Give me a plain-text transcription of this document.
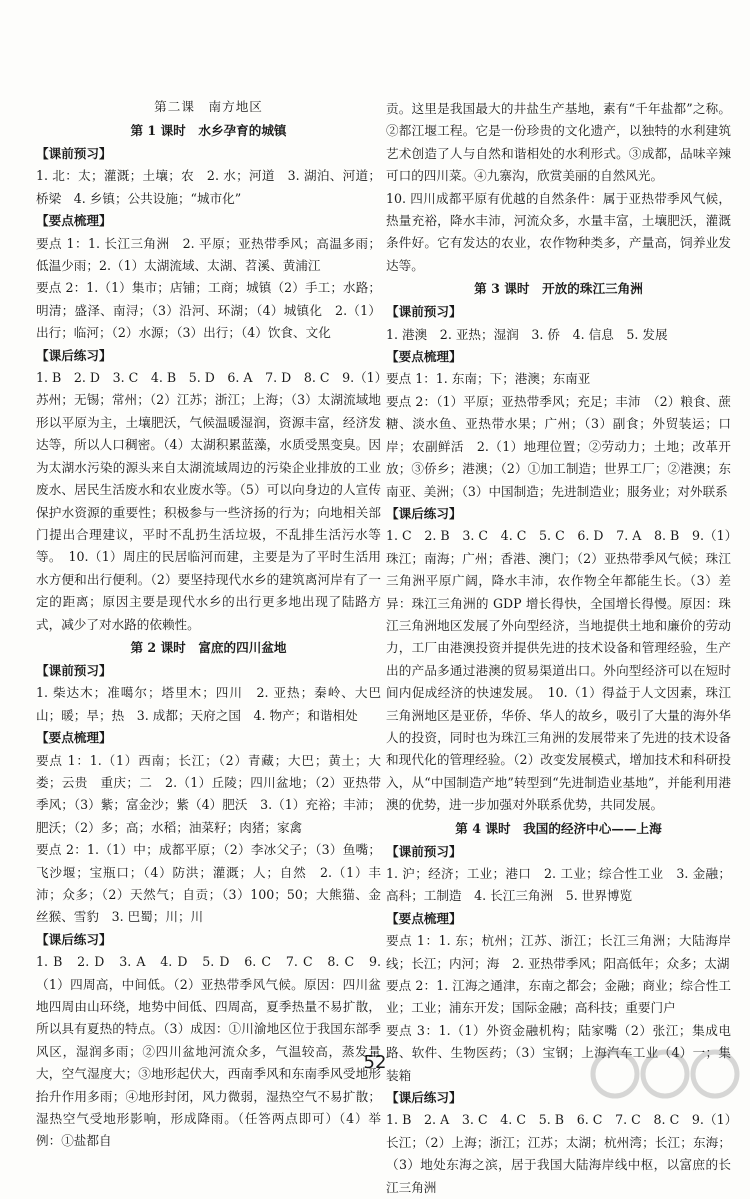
第二课　南方地区

第 1 课时　水乡孕育的城镇

【课前预习】

1. 北：太；灌溉；土壤；农　2. 水；河道　3. 湖泊、河道；桥梁　4. 乡镇；公共设施；“城市化”

【要点梳理】

要点 1：1. 长江三角洲　2. 平原；亚热带季风；高温多雨；低温少雨；2.（1）太湖流域、太湖、苕溪、黄浦江

要点 2：1.（1）集市；店铺；工商；城镇（2）手工；水路；明清；盛泽、南浔；（3）沿河、环湖；（4）城镇化　2.（1）出行；临河；（2）水源；（3）出行；（4）饮食、文化

【课后练习】

1. B　2. D　3. C　4. B　5. D　6. A　7. D　8. C　9.（1）苏州；无锡；常州；（2）江苏；浙江；上海；（3）太湖流域地形以平原为主，土壤肥沃，气候温暖湿润，资源丰富，经济发达等，所以人口稠密。（4）太湖积累蓝藻，水质受黑变臭。因为太湖水污染的源头来自太湖流域周边的污染企业排放的工业废水、居民生活废水和农业废水等。（5）可以向身边的人宣传保护水资源的重要性；积极参与一些济扬的行为；向地相关部门提出合理建议，平时不乱扔生活垃圾，不乱排生活污水等等。　10.（1）周庄的民居临河而建，主要是为了平时生活用水方便和出行便利。（2）要坚持现代水乡的建筑离河岸有了一定的距离；原因主要是现代水乡的出行更多地出现了陆路方式，减少了对水路的依赖性。

第 2 课时　富庶的四川盆地

【课前预习】

1. 柴达木；准噶尔；塔里木；四川　2. 亚热；秦岭、大巴山；暖；旱；热　3. 成都；天府之国　4. 物产；和谐相处

【要点梳理】

要点 1：1.（1）西南；长江；（2）青藏；大巴；黄土；大娄；云贵　重庆；二　2.（1）丘陵；四川盆地；（2）亚热带季风；（3）紫；富金沙；紫（4）肥沃　3.（1）充裕；丰沛；肥沃；（2）多；高；水稻；油菜籽；肉猪；家禽

要点 2：1.（1）中；成都平原；（2）李冰父子；（3）鱼嘴；飞沙堰；宝瓶口；（4）防洪；灌溉；人；自然　2.（1）丰沛；众多；（2）天然气；自贡；（3）100；50；大熊猫、金丝猴、雪豹　3. 巴蜀；川；川

【课后练习】

1. B　2. D　3. A　4. D　5. D　6. C　7. C　8. C　9.（1）四周高，中间低。（2）亚热带季风气候。原因：四川盆地四周由山环绕，地势中间低、四周高，夏季热量不易扩散，所以具有夏热的特点。（3）成因：①川渝地区位于我国东部季风区，湿润多雨；②四川盆地河流众多，气温较高，蒸发量大，空气湿度大；③地形起伏大，西南季风和东南季风受地形抬升作用多雨；④地形封闭，风力微弱，湿热空气不易扩散；湿热空气受地形影响，形成降雨。（任答两点即可）（4）举例：①盐都自

贡。这里是我国最大的井盐生产基地，素有“千年盐都”之称。②都江堰工程。它是一份珍贵的文化遗产，以独特的水利建筑艺术创造了人与自然和谐相处的水利形式。③成都，品味辛辣可口的四川菜。④九寨沟，欣赏美丽的自然风光。

10. 四川成都平原有优越的自然条件：属于亚热带季风气候，热量充裕，降水丰沛，河流众多，水量丰富，土壤肥沃，灌溉条件好。它有发达的农业，农作物种类多，产量高，饲养业发达等。

第 3 课时　开放的珠江三角洲

【课前预习】

1. 港澳　2. 亚热；湿润　3. 侨　4. 信息　5. 发展

【要点梳理】

要点 1：1. 东南；下；港澳；东南亚

要点 2：（1）平原；亚热带季风；充足；丰沛　（2）粮食、蔗糖、淡水鱼、亚热带水果；广州；（3）副食；外贸装运；口岸；农副鲜活　2.（1）地理位置；②劳动力；土地；改革开放；③侨乡；港澳；（2）①加工制造；世界工厂；②港澳；东南亚、美洲；（3）中国制造；先进制造业；服务业；对外联系

【课后练习】

1. C　2. B　3. C　4. C　5. C　6. D　7. A　8. B　9.（1）珠江；南海；广州；香港、澳门；（2）亚热带季风气候；珠江三角洲平原广阔，降水丰沛，农作物全年都能生长。（3）差异：珠江三角洲的 GDP 增长得快，全国增长得慢。原因：珠江三角洲地区发展了外向型经济，当地提供土地和廉价的劳动力，工厂由港澳投资并提供先进的技术设备和管理经验，生产出的产品多通过港澳的贸易渠道出口。外向型经济可以在短时间内促成经济的快速发展。　10.（1）得益于人文因素，珠江三角洲地区是亚侨，华侨、华人的故乡，吸引了大量的海外华人的投资，同时也为珠江三角洲的发展带来了先进的技术设备和现代化的管理经验。（2）改变发展模式，增加技术和科研投入，从“中国制造产地”转型到“先进制造业基地”，并能利用港澳的优势，进一步加强对外联系优势，共同发展。

第 4 课时　我国的经济中心——上海

【课前预习】

1. 沪；经济；工业；港口　2. 工业；综合性工业　3. 金融；高科；工制造　4. 长江三角洲　5. 世界博览

【要点梳理】

要点 1：1. 东；杭州；江苏、浙江；长江三角洲；大陆海岸线；长江；内河；海　2. 亚热带季风；阳高低年；众多；太湖

要点 2：1. 江海之通津，东南之都会；金融；商业；综合性工业；工业；浦东开发；国际金融；高科技；重要门户

要点 3：1.（1）外资金融机构；陆家嘴（2）张江；集成电路、软件、生物医药；（3）宝钢；上海汽车工业（4）一；集装箱

【课后练习】

1. B　2. A　3. C　4. C　5. B　6. C　7. C　8. C　9.（1）长江；（2）上海；浙江；江苏；太湖；杭州湾；长江；东海；（3）地处东海之滨，居于我国大陆海岸线中枢，以富庶的长江三角洲

52
